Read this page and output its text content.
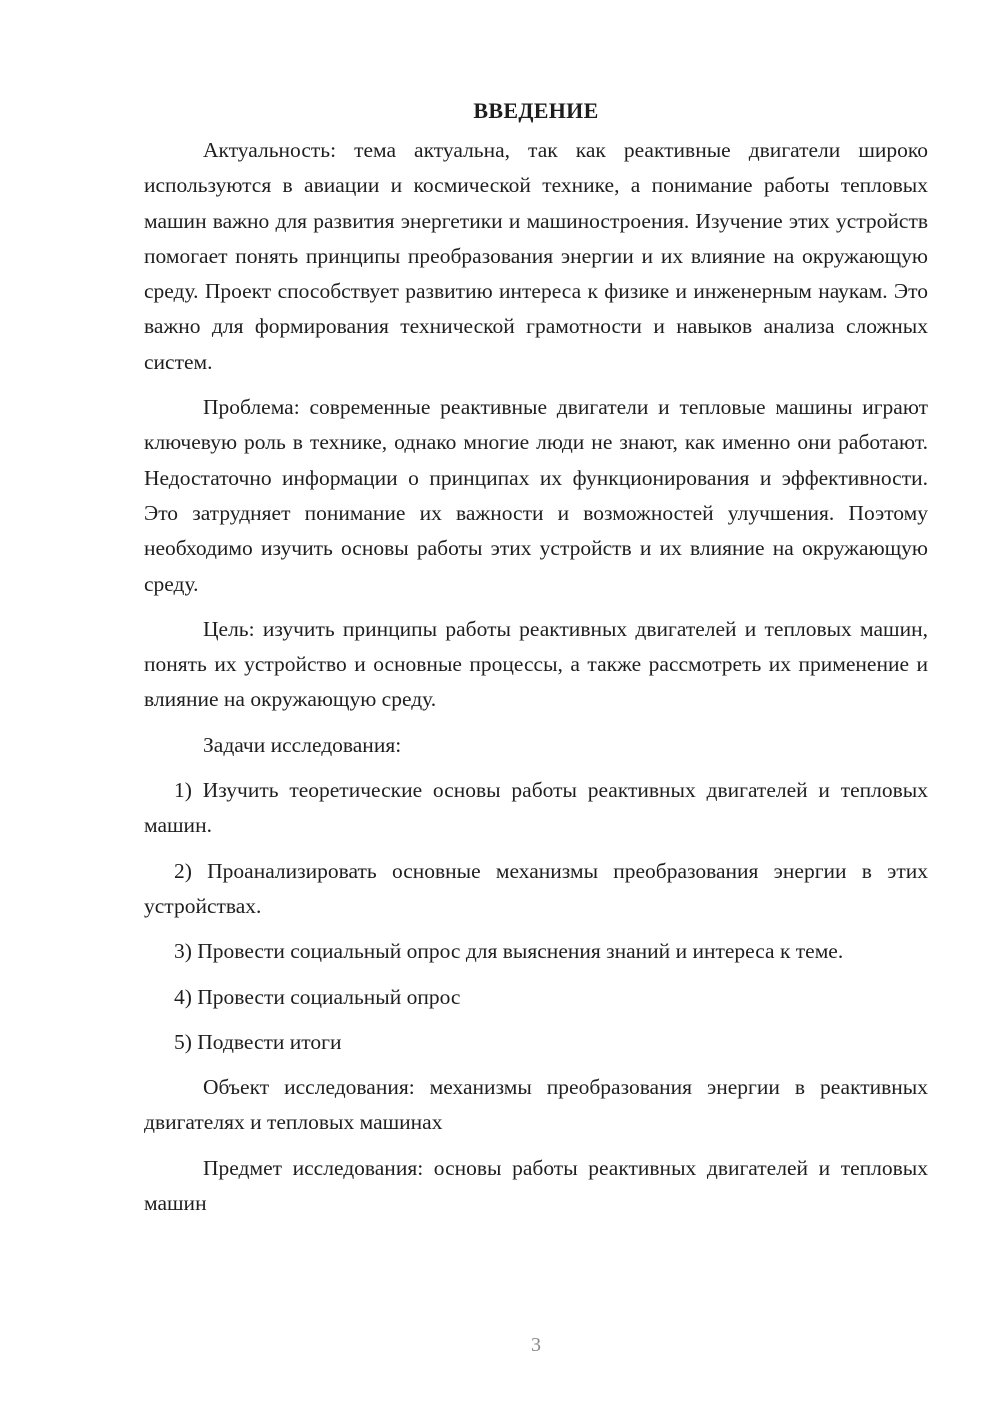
ВВЕДЕНИЕ

Актуальность: тема актуальна, так как реактивные двигатели широко используются в авиации и космической технике, а понимание работы тепловых машин важно для развития энергетики и машиностроения. Изучение этих устройств помогает понять принципы преобразования энергии и их влияние на окружающую среду. Проект способствует развитию интереса к физике и инженерным наукам. Это важно для формирования технической грамотности и навыков анализа сложных систем.

Проблема: современные реактивные двигатели и тепловые машины играют ключевую роль в технике, однако многие люди не знают, как именно они работают. Недостаточно информации о принципах их функционирования и эффективности. Это затрудняет понимание их важности и возможностей улучшения. Поэтому необходимо изучить основы работы этих устройств и их влияние на окружающую среду.

Цель: изучить принципы работы реактивных двигателей и тепловых машин, понять их устройство и основные процессы, а также рассмотреть их применение и влияние на окружающую среду.

Задачи исследования:

1) Изучить теоретические основы работы реактивных двигателей и тепловых машин.

2) Проанализировать основные механизмы преобразования энергии в этих устройствах.

3) Провести социальный опрос для выяснения знаний и интереса к теме.

4) Провести социальный опрос

5) Подвести итоги

Объект исследования: механизмы преобразования энергии в реактивных двигателях и тепловых машинах

Предмет исследования: основы работы реактивных двигателей и тепловых машин

3
